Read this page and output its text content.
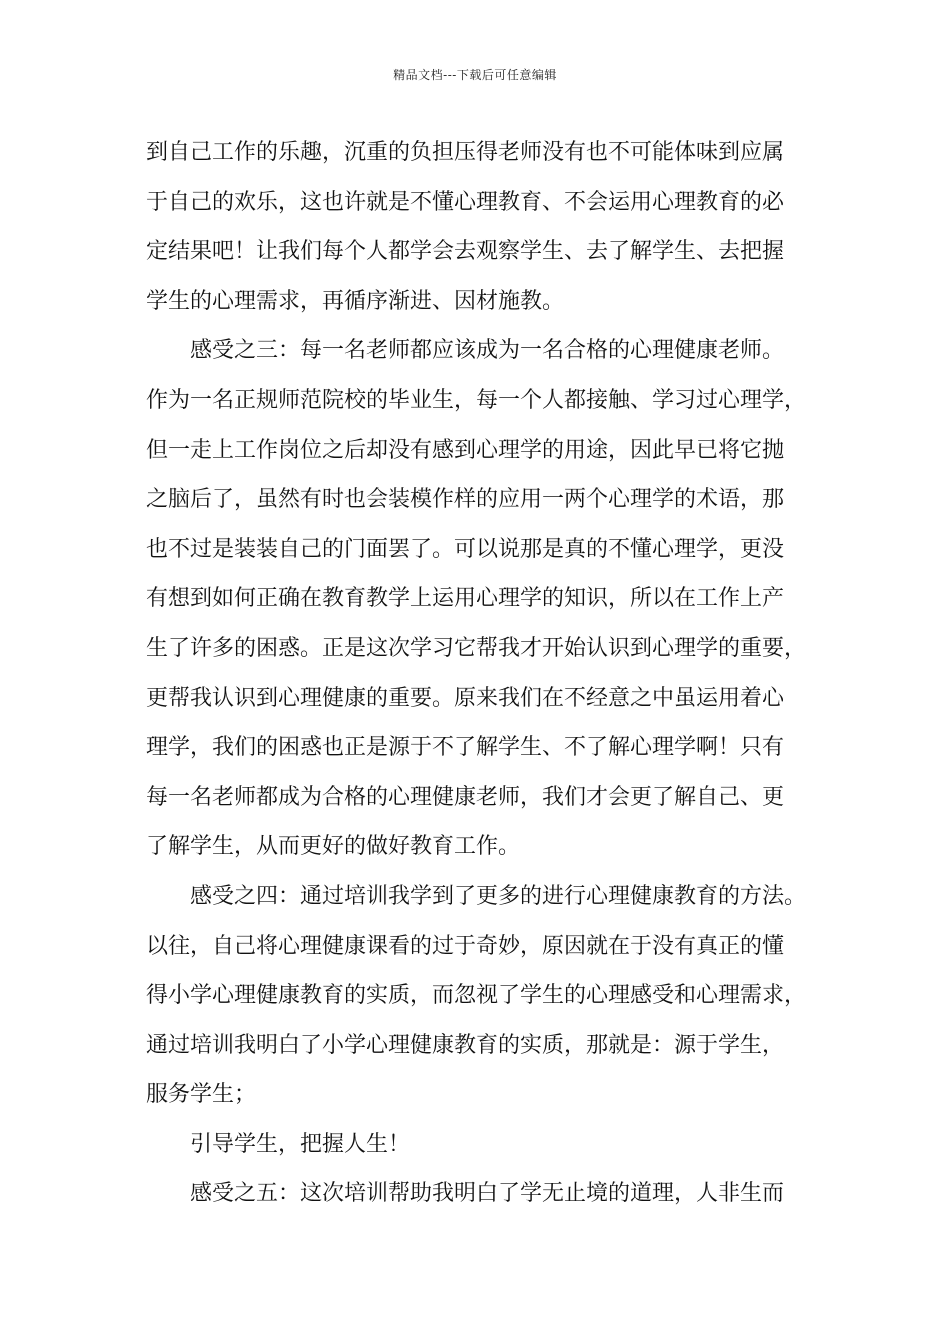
精品文档---下载后可任意编辑
到自己工作的乐趣，沉重的负担压得老师没有也不可能体味到应属
于自己的欢乐，这也许就是不懂心理教育、不会运用心理教育的必
定结果吧！让我们每个人都学会去观察学生、去了解学生、去把握
学生的心理需求，再循序渐进、因材施教。
感受之三：每一名老师都应该成为一名合格的心理健康老师。
作为一名正规师范院校的毕业生，每一个人都接触、学习过心理学，
但一走上工作岗位之后却没有感到心理学的用途，因此早已将它抛
之脑后了，虽然有时也会装模作样的应用一两个心理学的术语，那
也不过是装装自己的门面罢了。可以说那是真的不懂心理学，更没
有想到如何正确在教育教学上运用心理学的知识，所以在工作上产
生了许多的困惑。正是这次学习它帮我才开始认识到心理学的重要，
更帮我认识到心理健康的重要。原来我们在不经意之中虽运用着心
理学，我们的困惑也正是源于不了解学生、不了解心理学啊！只有
每一名老师都成为合格的心理健康老师，我们才会更了解自己、更
了解学生，从而更好的做好教育工作。
感受之四：通过培训我学到了更多的进行心理健康教育的方法。
以往，自己将心理健康课看的过于奇妙，原因就在于没有真正的懂
得小学心理健康教育的实质，而忽视了学生的心理感受和心理需求，
通过培训我明白了小学心理健康教育的实质，那就是：源于学生，
服务学生；
引导学生，把握人生！
感受之五：这次培训帮助我明白了学无止境的道理，人非生而
